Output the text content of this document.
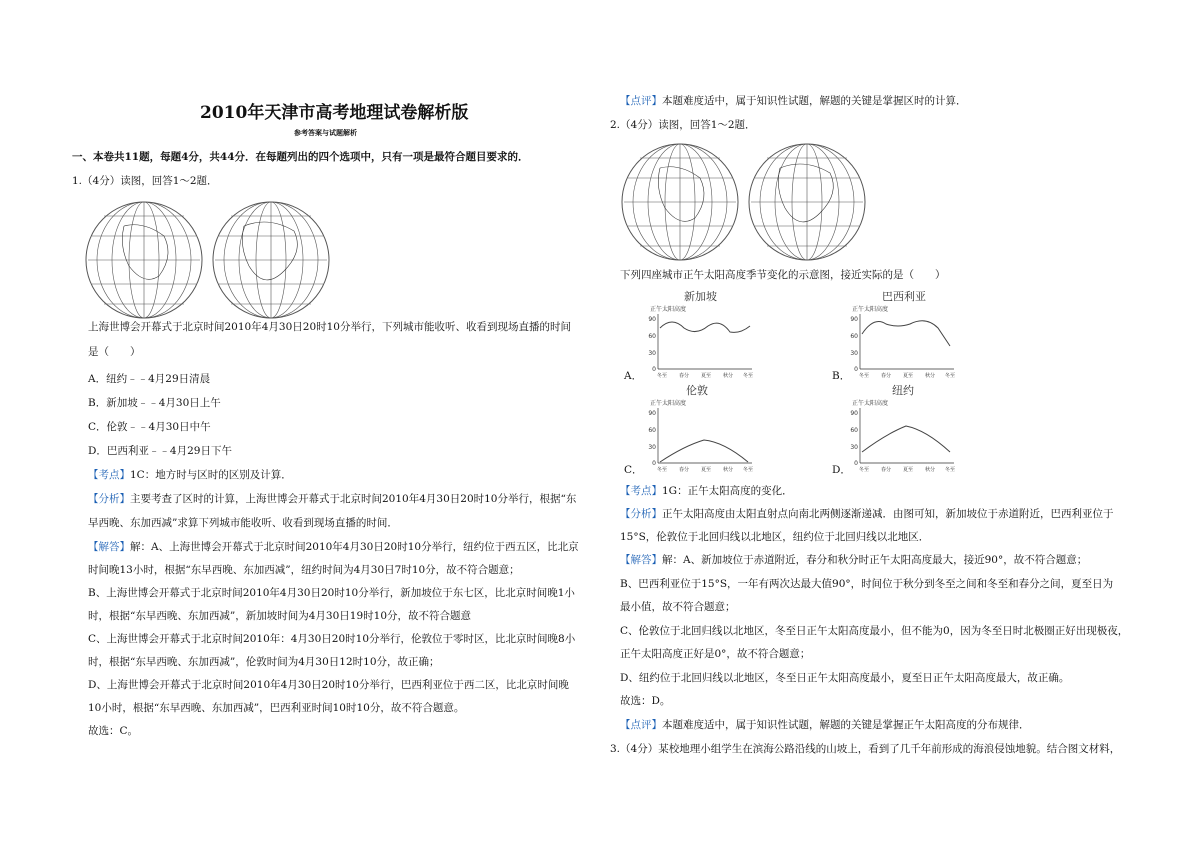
2010年天津市高考地理试卷解析版
参考答案与试题解析
一、本卷共11题，每题4分，共44分．在每题列出的四个选项中，只有一项是最符合题目要求的．
1.（4分）读图，回答1～2题．
上海世博会开幕式于北京时间2010年4月30日20时10分举行，下列城市能收听、收看到现场直播的时间
是（　　）
A．纽约﹣﹣4月29日清晨
B．新加坡﹣﹣4月30日上午
C．伦敦﹣﹣4月30日中午
D．巴西利亚﹣﹣4月29日下午
【考点】1C：地方时与区时的区别及计算．
【分析】主要考查了区时的计算，上海世博会开幕式于北京时间2010年4月30日20时10分举行，根据“东
早西晚、东加西减”求算下列城市能收听、收看到现场直播的时间．
【解答】解：A、上海世博会开幕式于北京时间2010年4月30日20时10分举行，纽约位于西五区，比北京
时间晚13小时，根据“东早西晚、东加西减”，纽约时间为4月30日7时10分，故不符合题意；
B、上海世博会开幕式于北京时间2010年4月30日20时10分举行，新加坡位于东七区，比北京时间晚1小
时，根据“东早西晚、东加西减”，新加坡时间为4月30日19时10分，故不符合题意
C、上海世博会开幕式于北京时间2010年：4月30日20时10分举行，伦敦位于零时区，比北京时间晚8小
时，根据“东早西晚、东加西减”，伦敦时间为4月30日12时10分，故正确；
D、上海世博会开幕式于北京时间2010年4月30日20时10分举行，巴西利亚位于西二区，比北京时间晚
10小时，根据“东早西晚、东加西减”，巴西利亚时间10时10分，故不符合题意。
故选：C。
【点评】本题难度适中，属于知识性试题，解题的关键是掌握区时的计算．
2.（4分）读图，回答1～2题．
下列四座城市正午太阳高度季节变化的示意图，接近实际的是（　　）
新加坡
A．
正午太阳高度
90
60
30
0
冬至 春分 夏至 秋分 冬至
巴西利亚
B．
正午太阳高度
90
60
30
0
冬至 春分 夏至 秋分 冬至
伦敦
C．
正午太阳高度
90
60
30
0
冬至 春分 夏至 秋分 冬至
纽约
D．
正午太阳高度
90
60
30
0
冬至 春分 夏至 秋分 冬至
【考点】1G：正午太阳高度的变化．
【分析】正午太阳高度由太阳直射点向南北两侧逐渐递减．由图可知，新加坡位于赤道附近，巴西利亚位于
15°S，伦敦位于北回归线以北地区，纽约位于北回归线以北地区．
【解答】解：A、新加坡位于赤道附近，春分和秋分时正午太阳高度最大，接近90°，故不符合题意；
B、巴西利亚位于15°S，一年有两次达最大值90°，时间位于秋分到冬至之间和冬至和春分之间，夏至日为
最小值，故不符合题意；
C、伦敦位于北回归线以北地区，冬至日正午太阳高度最小，但不能为0，因为冬至日时北极圈正好出现极夜，
正午太阳高度正好是0°，故不符合题意；
D、纽约位于北回归线以北地区，冬至日正午太阳高度最小，夏至日正午太阳高度最大，故正确。
故选：D。
【点评】本题难度适中，属于知识性试题，解题的关键是掌握正午太阳高度的分布规律．
3.（4分）某校地理小组学生在滨海公路沿线的山坡上，看到了几千年前形成的海浪侵蚀地貌。结合图文材料，
